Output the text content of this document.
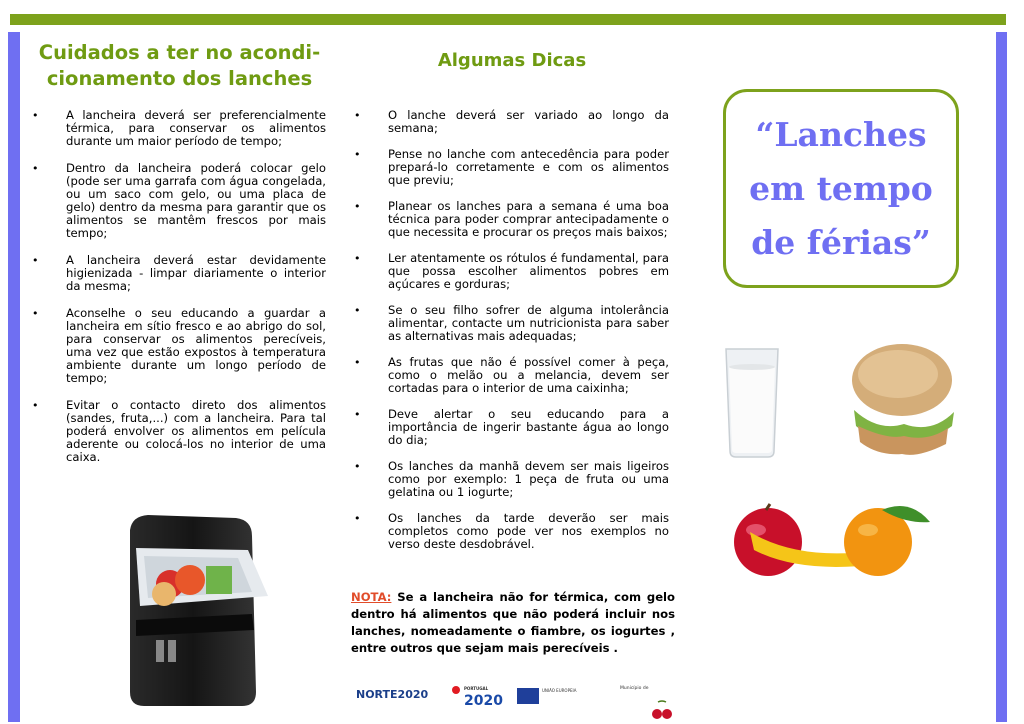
Cuidados a ter no acondi-
cionamento dos lanches
Algumas Dicas
• A lancheira deverá ser preferencialmente térmica, para conservar os alimentos durante um maior período de tempo;
• Dentro da lancheira poderá colocar gelo (pode ser uma garrafa com água congelada, ou um saco com gelo, ou uma placa de gelo) dentro da mesma para garantir que os alimentos se mantêm frescos por mais tempo;
• A lancheira deverá estar devidamente higienizada - limpar diariamente o interior da mesma;
• Aconselhe o seu educando a guardar a lancheira em sítio fresco e ao abrigo do sol, para conservar os alimentos perecíveis, uma vez que estão expostos à temperatura ambiente durante um longo período de tempo;
• Evitar o contacto direto dos alimentos (sandes, fruta,...) com a lancheira. Para tal poderá envolver os alimentos em película aderente ou colocá-los no interior de uma caixa.
• O lanche deverá ser variado ao longo da semana;
• Pense no lanche com antecedência para poder prepará-lo corretamente e com os alimentos que previu;
• Planear os lanches para a semana é uma boa técnica para poder comprar antecipadamente o que necessita e procurar os preços mais baixos;
• Ler atentamente os rótulos é fundamental, para que possa escolher alimentos pobres em açúcares e gorduras;
• Se o seu filho sofrer de alguma intolerância alimentar, contacte um nutricionista para saber as alternativas mais adequadas;
• As frutas que não é possível comer à peça, como o melão ou a melancia, devem ser cortadas para o interior de uma caixinha;
• Deve alertar o seu educando para a importância de ingerir bastante água ao longo do dia;
• Os lanches da manhã devem ser mais ligeiros como por exemplo: 1 peça de fruta ou uma gelatina ou 1 iogurte;
• Os lanches da tarde deverão ser mais completos como pode ver nos exemplos no verso deste desdobrável.
NOTA: Se a lancheira não for térmica, com gelo dentro há alimentos que não poderá incluir nos lanches, nomeadamente o fiambre, os iogurtes , entre outros que sejam mais perecíveis .
“Lanches
em tempo
de férias”
NORTE2020	PORTUGAL
2020
UNIÃO EUROPEIA	Município de
